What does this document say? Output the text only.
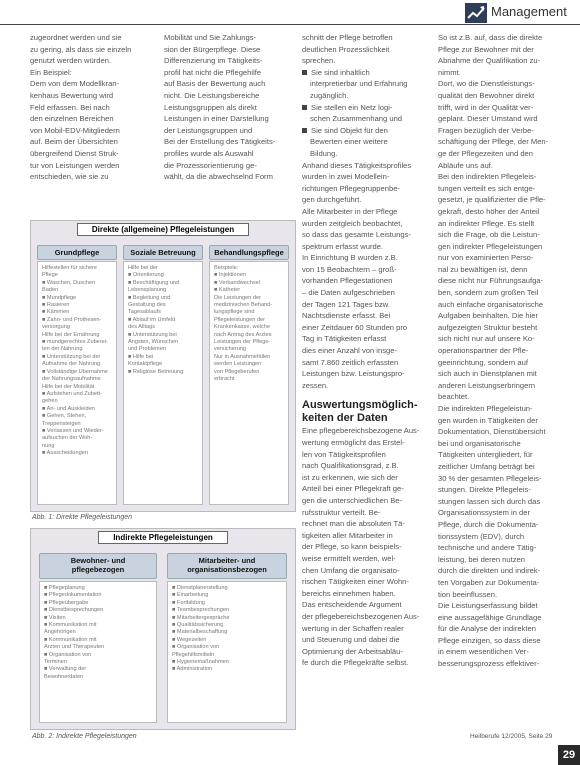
Management
zugeordnet werden und sie
zu gering, als dass sie einzeln
genutzt werden würden.
Ein Beispiel:
Dem von dem Modellkran-
kenhaus Bewertung wird
Feld erfassen. Bei nach
den einzelnen Bereichen
von Mobil-EDV-Mitgliedern
auf. Beim der Übersichten
übergreifend Dienst Struk-
tur von Leistungen werden
entschieden, wie sie zu
Mobilität und Sie Zahlungs-
sion der Bürgerpflege. Diese
Differenzierung im Tätigkeits-
profil hat nicht die Pflegehilfe
auf Basis der Bewertung auch
nicht. Die Leistungsbereiche
Leistungsgruppen als direkt
Leistungen in einer Darstellung
der Leistungsgruppen und
Bei der Erstellung des Tätigkeits-
profiles wurde als Auswahl
die Prozessorientierung ge-
wählt, da die abwechselnd Form
Direkte (allgemeine) Pflegeleistungen
Grundpflege	Soziale Betreuung	Behandlungspflege
Hilfestellen für sichere
Pflege
■ Waschen, Duschen
Baden
■ Mundpflege
■ Rasieren
■ Kämmen
■ Zahn- und Prothesen-
versorgung
Hilfe bei der Ernährung
■ mundgerechtes Zuberei-
ten der Nahrung
■ Unterstützung bei der
Aufnahme der Nahrung
■ Vollständige Übernahme
der Nahrungsaufnahme
Hilfe bei der Mobilität
■ Aufstehen und Zubett-
gehen
■ An- und Auskleiden
■ Gehen, Stehen,
Treppensteigen
■ Verlassen und Wieder-
aufsuchen der Woh-
nung
■ Ausscheidungen
Hilfe bei der
■ Orientierung
■ Beschäftigung und
Lebensplanung
■ Begleitung und
Gestaltung des
Tagesablaufs
■ Ablauf im Umfeld
des Alltags
■ Unterstützung bei
Ängsten, Wünschen
und Problemen
■ Hilfe bei
Kontaktpflege
■ Religiöse Betreuung
Beispiele:
■ Injektionen
■ Verbandwechsel
■ Katheter
Die Leistungen der
medizinischen Behand-
lungspflege sind
Pflegeleistungen der
Krankenkasse, welche
nach Antrag des Arztes
Leistungen der Pflege-
versicherung
Nur in Ausnahmefällen
werden Leistungen
von Pflegeberufen
erbracht
Abb. 1: Direkte Pflegeleistungen
Indirekte Pflegeleistungen
Bewohner- und
pflegebezogen
Mitarbeiter- und
organisationsbezogen
■ Pflegeplanung
■ Pflegedokumentation
■ Pflegeübergabe
■ Dienstbesprechungen
■ Visiten
■ Kommunikation mit
Angehörigen
■ Kommunikation mit
Ärzten und Therapeuten
■ Organisation von
Terminen
■ Verwaltung der
Bewohnerdaten
■ Dienstplanerstellung
■ Einarbeitung
■ Fortbildung
■ Teambesprechungen
■ Mitarbeitergespräche
■ Qualitätssicherung
■ Materialbeschaffung
■ Wegezeiten
■ Organisation von
Pflegehilfsmitteln
■ Hygienemaßnahmen
■ Administration
Abb. 2: Indirekte Pflegeleistungen
schnitt der Pflege betroffen
deutlichen Prozesslichkeit
sprechen.
Sie sind inhaltlich
interpretierbar und Erfahrung
zugänglich.
Sie stellen ein Netz logi-
schen Zusammenhang und
Sie sind Objekt für den
Bewerten einer weitere
Bildung.
Anhand dieses Tätigkeitsprofiles
wurden in zwei Modellein-
richtungen Pflegegruppenbe-
gen durchgeführt.
Alle Mitarbeiter in der Pflege
wurden zeitgleich beobachtet,
so dass das gesamte Leistungs-
spektrum erfasst wurde.
In Einrichtung B wurden z.B.
von 15 Beobachtern – groß-
vorhanden Pflegestationen
– die Daten aufgeschrieben
der Tagen 121 Tages bzw.
Nachtsdienste erfasst. Bei
einer Zeitdauer 60 Stunden pro
Tag in Tätigkeiten erfasst
dies einer Anzahl von insge-
samt 7.860 zeitlich erfassten
Leistungen bzw. Leistungspro-
zessen.
Auswertungsmöglich-
keiten der Daten
Eine pflegebereichsbezogene Aus-
wertung ermöglicht das Erstel-
len von Tätigkeitsprofilen
nach Qualifikationsgrad, z.B.
ist zu erkennen, wie sich der
Anteil bei einer Pflegekraft ge-
gen die unterschiedlichen Be-
rufsstruktur verteilt. Be-
rechnet man die absoluten Tä-
tigkeiten aller Mitarbeiter in
der Pflege, so kann beispiels-
weise ermittelt werden, wel-
chen Umfang die organisato-
rischen Tätigkeiten einer Wohn-
bereichs einnehmen haben.
Das entscheidende Argument
der pflegebereichsbezogenen Aus-
wertung in der Schaffen realer
und Steuerung und dabei die
Optimierung der Arbeitsabläu-
fe durch die Pflegekräfte selbst.
So ist z.B. auf, dass die direkte
Pflege zur Bewohner mit der
Abnahme der Qualifikation zu-
nimmt.
Dort, wo die Dienstleistungs-
qualität den Bewohner direkt
trifft, wird in der Qualität ver-
geplant. Dieser Umstand wird
Fragen bezüglich der Verbe-
schäftigung der Pflege, der Men-
ge der Pflegezeiten und den
Abläufe uns auf.
Bei den indirekten Pflegeleis-
tungen verteilt es sich entge-
gesetzt, je qualifizierter die Pfle-
gekraft, desto höher der Anteil
an indirekter Pflege. Es stellt
sich die Frage, ob die Leistun-
gen indirekter Pflegeleistungen
nur von examinierten Perso-
nal zu bewältigen ist, denn
diese nicht nur Führungsaufga-
ben, sondern zum großen Teil
auch einfache organisatorische
Aufgaben beinhalten. Die hier
aufgezeigten Struktur besteht
sich nicht nur auf unsere Ko-
operationspartner der Pfle-
geeinrichtung, sondern auf
sich auch in Dienstplanen mit
anderen Leistungserbringern
beachtet.
Die indirekten Pflegeleistun-
gen wurden in Tätigkeiten der
Dokumentation, Dienstübersicht
bei und organisatorische
Tätigkeiten untergliedert, für
zeitlicher Umfang beträgt bei
30 % der gesamten Pflegeleis-
stungen. Direkte Pflegeleis-
stungen lassen sich durch das
Organisationssystem in der
Pflege, durch die Dokumenta-
tionssystem (EDV), durch
technische und andere Tätig-
leistung, bei deren nutzen
durch die direkten und indirek-
ten Vorgaben zur Dokumenta-
tion beeinflussen.
Die Leistungserfassung bildet
eine aussagefähige Grundlage
für die Analyse der indirekten
Pflege einzigen, so dass diese
in einem wesentlichen Ver-
besserungsprozess effektiver-
Heilberufe 12/2005, Seite 29
29
